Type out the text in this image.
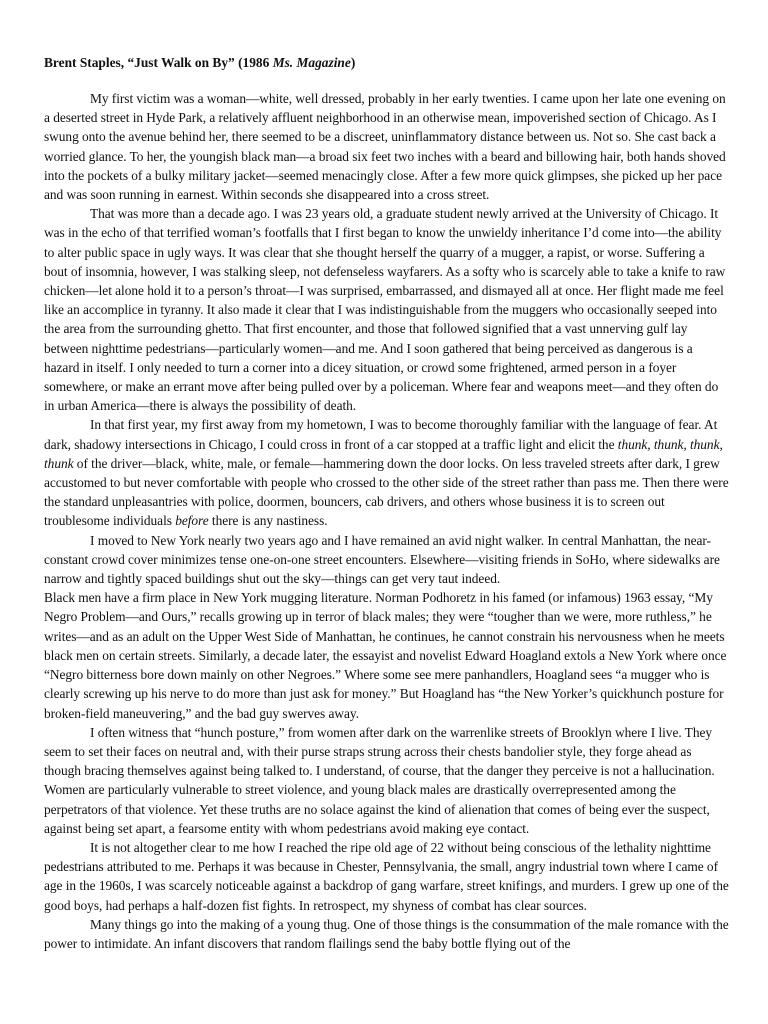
Brent Staples, “Just Walk on By” (1986 Ms. Magazine)

My first victim was a woman—white, well dressed, probably in her early twenties. I came upon her late one evening on a deserted street in Hyde Park, a relatively affluent neighborhood in an otherwise mean, impoverished section of Chicago. As I swung onto the avenue behind her, there seemed to be a discreet, uninflammatory distance between us. Not so. She cast back a worried glance. To her, the youngish black man—a broad six feet two inches with a beard and billowing hair, both hands shoved into the pockets of a bulky military jacket—seemed menacingly close. After a few more quick glimpses, she picked up her pace and was soon running in earnest. Within seconds she disappeared into a cross street.

That was more than a decade ago. I was 23 years old, a graduate student newly arrived at the University of Chicago. It was in the echo of that terrified woman’s footfalls that I first began to know the unwieldy inheritance I’d come into—the ability to alter public space in ugly ways. It was clear that she thought herself the quarry of a mugger, a rapist, or worse. Suffering a bout of insomnia, however, I was stalking sleep, not defenseless wayfarers. As a softy who is scarcely able to take a knife to raw chicken—let alone hold it to a person’s throat—I was surprised, embarrassed, and dismayed all at once. Her flight made me feel like an accomplice in tyranny. It also made it clear that I was indistinguishable from the muggers who occasionally seeped into the area from the surrounding ghetto. That first encounter, and those that followed signified that a vast unnerving gulf lay between nighttime pedestrians—particularly women—and me. And I soon gathered that being perceived as dangerous is a hazard in itself. I only needed to turn a corner into a dicey situation, or crowd some frightened, armed person in a foyer somewhere, or make an errant move after being pulled over by a policeman. Where fear and weapons meet—and they often do in urban America—there is always the possibility of death.

In that first year, my first away from my hometown, I was to become thoroughly familiar with the language of fear. At dark, shadowy intersections in Chicago, I could cross in front of a car stopped at a traffic light and elicit the thunk, thunk, thunk, thunk of the driver—black, white, male, or female—hammering down the door locks. On less traveled streets after dark, I grew accustomed to but never comfortable with people who crossed to the other side of the street rather than pass me. Then there were the standard unpleasantries with police, doormen, bouncers, cab drivers, and others whose business it is to screen out troublesome individuals before there is any nastiness.

I moved to New York nearly two years ago and I have remained an avid night walker. In central Manhattan, the near-constant crowd cover minimizes tense one-on-one street encounters. Elsewhere—visiting friends in SoHo, where sidewalks are narrow and tightly spaced buildings shut out the sky—things can get very taut indeed.

Black men have a firm place in New York mugging literature. Norman Podhoretz in his famed (or infamous) 1963 essay, “My Negro Problem—and Ours,” recalls growing up in terror of black males; they were “tougher than we were, more ruthless,” he writes—and as an adult on the Upper West Side of Manhattan, he continues, he cannot constrain his nervousness when he meets black men on certain streets. Similarly, a decade later, the essayist and novelist Edward Hoagland extols a New York where once “Negro bitterness bore down mainly on other Negroes.” Where some see mere panhandlers, Hoagland sees “a mugger who is clearly screwing up his nerve to do more than just ask for money.” But Hoagland has “the New Yorker’s quickhunch posture for broken-field maneuvering,” and the bad guy swerves away.

I often witness that “hunch posture,” from women after dark on the warrenlike streets of Brooklyn where I live. They seem to set their faces on neutral and, with their purse straps strung across their chests bandolier style, they forge ahead as though bracing themselves against being talked to. I understand, of course, that the danger they perceive is not a hallucination. Women are particularly vulnerable to street violence, and young black males are drastically overrepresented among the perpetrators of that violence. Yet these truths are no solace against the kind of alienation that comes of being ever the suspect, against being set apart, a fearsome entity with whom pedestrians avoid making eye contact.

It is not altogether clear to me how I reached the ripe old age of 22 without being conscious of the lethality nighttime pedestrians attributed to me. Perhaps it was because in Chester, Pennsylvania, the small, angry industrial town where I came of age in the 1960s, I was scarcely noticeable against a backdrop of gang warfare, street knifings, and murders. I grew up one of the good boys, had perhaps a half-dozen fist fights. In retrospect, my shyness of combat has clear sources.

Many things go into the making of a young thug. One of those things is the consummation of the male romance with the power to intimidate. An infant discovers that random flailings send the baby bottle flying out of the
